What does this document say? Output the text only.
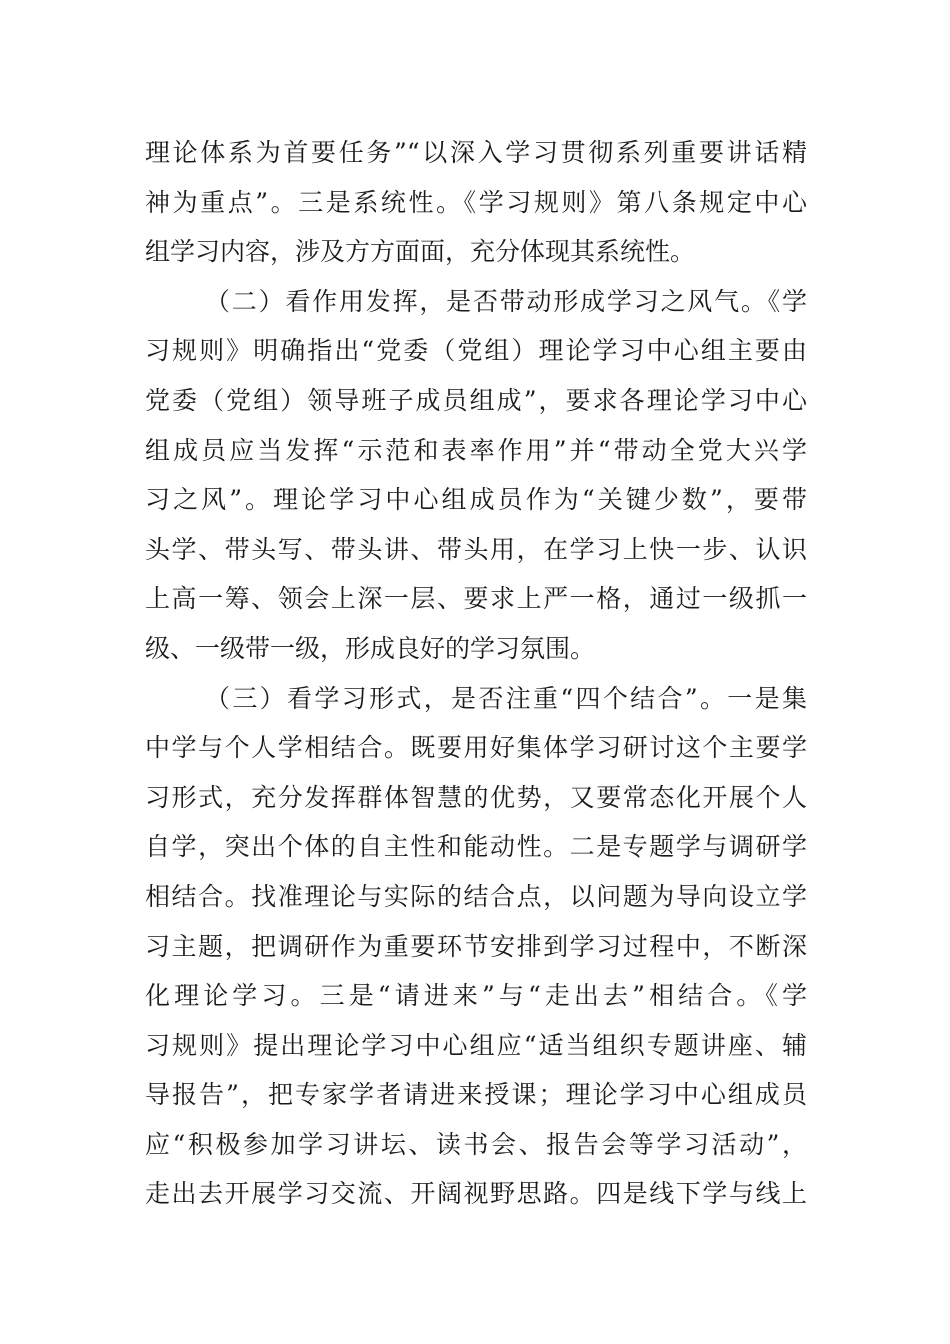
理论体系为首要任务”“以深入学习贯彻系列重要讲话精
神为重点”。三是系统性。《学习规则》第八条规定中心
组学习内容，涉及方方面面，充分体现其系统性。
（二）看作用发挥，是否带动形成学习之风气。《学
习规则》明确指出“党委（党组）理论学习中心组主要由
党委（党组）领导班子成员组成”，要求各理论学习中心
组成员应当发挥“示范和表率作用”并“带动全党大兴学
习之风”。理论学习中心组成员作为“关键少数”，要带
头学、带头写、带头讲、带头用，在学习上快一步、认识
上高一筹、领会上深一层、要求上严一格，通过一级抓一
级、一级带一级，形成良好的学习氛围。
（三）看学习形式，是否注重“四个结合”。一是集
中学与个人学相结合。既要用好集体学习研讨这个主要学
习形式，充分发挥群体智慧的优势，又要常态化开展个人
自学，突出个体的自主性和能动性。二是专题学与调研学
相结合。找准理论与实际的结合点，以问题为导向设立学
习主题，把调研作为重要环节安排到学习过程中，不断深
化理论学习。三是“请进来”与“走出去”相结合。《学
习规则》提出理论学习中心组应“适当组织专题讲座、辅
导报告”，把专家学者请进来授课；理论学习中心组成员
应“积极参加学习讲坛、读书会、报告会等学习活动”，
走出去开展学习交流、开阔视野思路。四是线下学与线上
